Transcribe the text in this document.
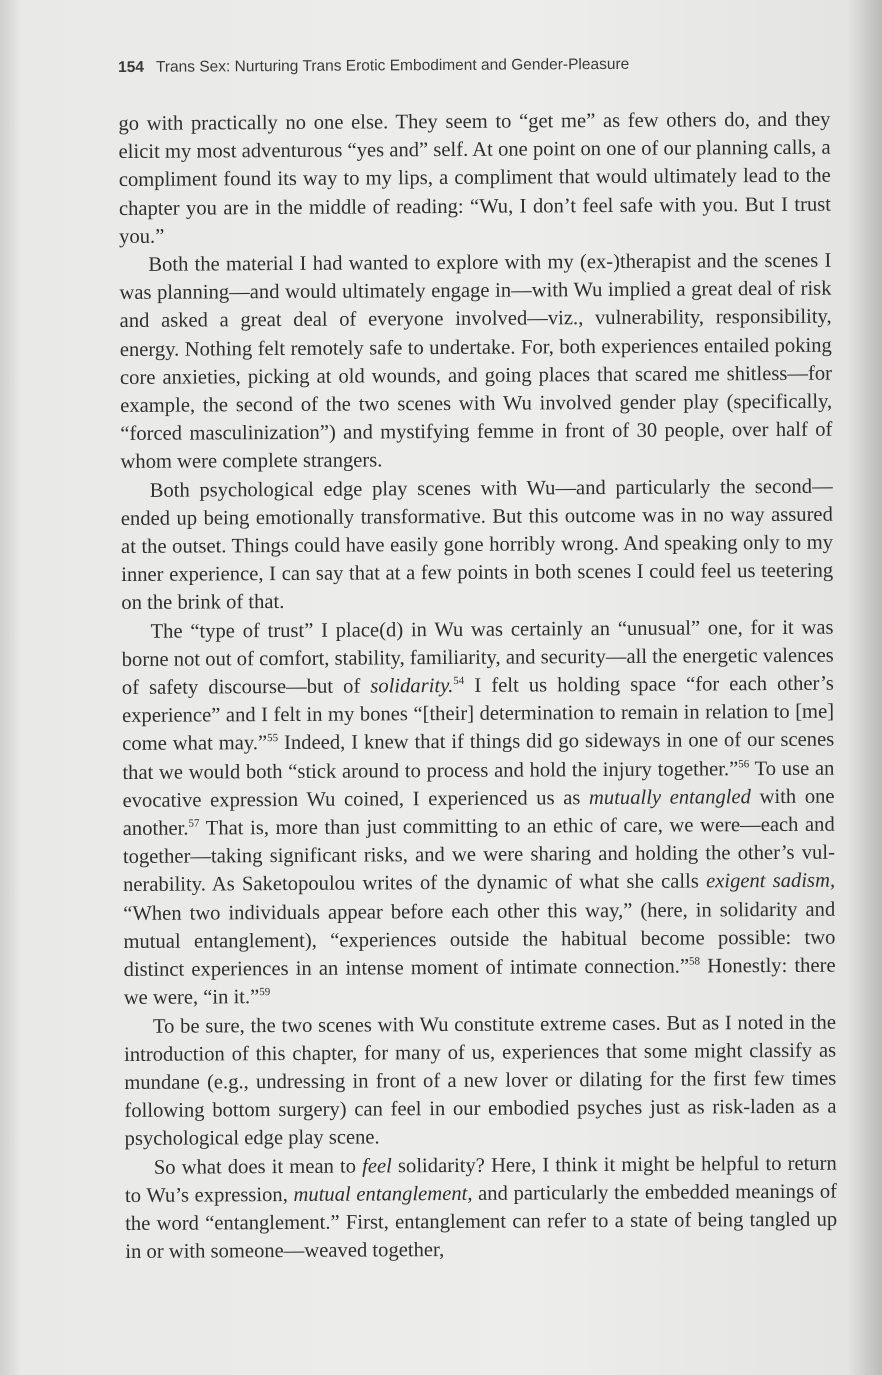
154 Trans Sex: Nurturing Trans Erotic Embodiment and Gender-Pleasure

go with practically no one else. They seem to “get me” as few others do, and they elicit my most adventurous “yes and” self. At one point on one of our planning calls, a compliment found its way to my lips, a compliment that would ultimately lead to the chapter you are in the middle of reading: “Wu, I don’t feel safe with you. But I trust you.”

Both the material I had wanted to explore with my (ex-)therapist and the scenes I was planning—and would ultimately engage in—with Wu implied a great deal of risk and asked a great deal of everyone involved—viz., vulnerability, responsibility, energy. Nothing felt remotely safe to undertake. For, both experiences entailed poking core anxieties, picking at old wounds, and going places that scared me shitless—for example, the second of the two scenes with Wu involved gender play (specifically, “forced masculinization”) and mystifying femme in front of 30 people, over half of whom were complete strangers.

Both psychological edge play scenes with Wu—and particularly the second—ended up being emotionally transformative. But this outcome was in no way assured at the outset. Things could have easily gone horribly wrong. And speaking only to my inner experience, I can say that at a few points in both scenes I could feel us teetering on the brink of that.

The “type of trust” I place(d) in Wu was certainly an “unusual” one, for it was borne not out of comfort, stability, familiarity, and security—all the energetic valences of safety discourse—but of solidarity.$^{54}$ I felt us holding space “for each other’s experience” and I felt in my bones “[their] determination to remain in relation to [me] come what may.”$^{55}$ Indeed, I knew that if things did go sideways in one of our scenes that we would both “stick around to process and hold the injury together.”$^{56}$ To use an evocative expression Wu coined, I experienced us as mutually entangled with one another.$^{57}$ That is, more than just committing to an ethic of care, we were—each and together—taking significant risks, and we were sharing and holding the other’s vulnerability. As Saketopoulou writes of the dynamic of what she calls exigent sadism, “When two individuals appear before each other this way,” (here, in solidarity and mutual entanglement), “experiences outside the habitual become possible: two distinct experiences in an intense moment of intimate connection.”$^{58}$ Honestly: there we were, “in it.”$^{59}$

To be sure, the two scenes with Wu constitute extreme cases. But as I noted in the introduction of this chapter, for many of us, experiences that some might classify as mundane (e.g., undressing in front of a new lover or dilating for the first few times following bottom surgery) can feel in our embodied psyches just as risk-laden as a psychological edge play scene.

So what does it mean to feel solidarity? Here, I think it might be helpful to return to Wu’s expression, mutual entanglement, and particularly the embedded meanings of the word “entanglement.” First, entanglement can refer to a state of being tangled up in or with someone—weaved together,
